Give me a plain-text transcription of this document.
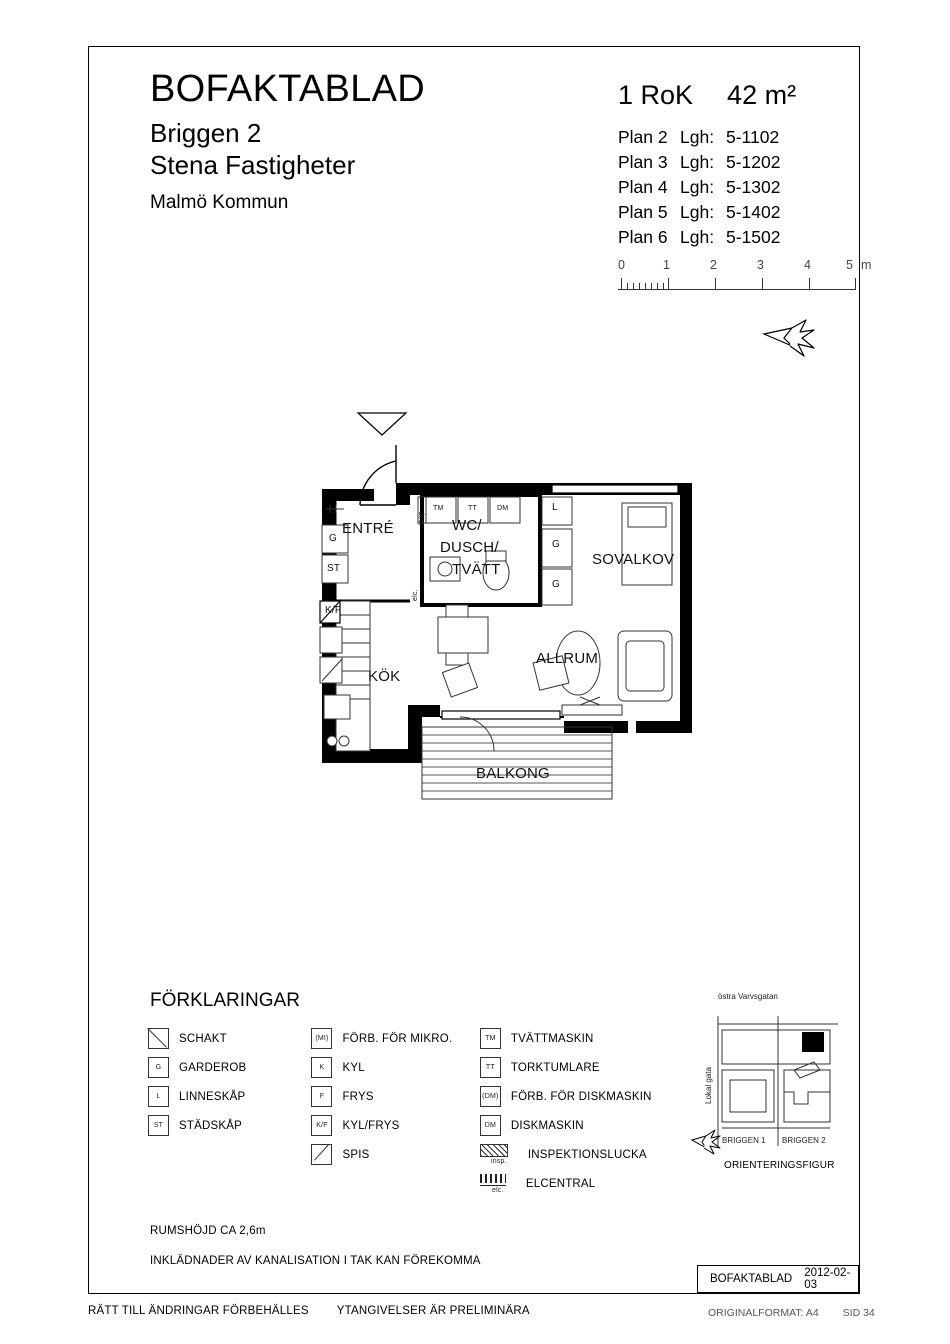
BOFAKTABLAD
Briggen 2
Stena Fastigheter
Malmö Kommun
1 RoK 42 m²
Plan 2 Lgh: 5-1102
Plan 3 Lgh: 5-1202
Plan 4 Lgh: 5-1302
Plan 5 Lgh: 5-1402
Plan 6 Lgh: 5-1502
0	1	2	3	4	5 m
ENTRÉ	WC/
DUSCH/
TVÄTT
SOVALKOV
ALLRUM
KÖK
BALKONG
G
ST
L
G
G
K/F
TM	TT	DM
insp.
elc.
FÖRKLARINGAR
SCHAKT
G	GARDEROB
L	LINNESKÅP
ST	STÄDSKÅP
(MI)	FÖRB. FÖR MIKRO.
K	KYL
F	FRYS
K/F	KYL/FRYS
SPIS
TM	TVÄTTMASKIN
TT	TORKTUMLARE
(DM) FÖRB. FÖR DISKMASKIN
DM	DISKMASKIN
insp.
INSPEKTIONSLUCKA
elc.
ELCENTRAL
östra Varvsgatan
Lokal gata
BRIGGEN 1 BRIGGEN 2
ORIENTERINGSFIGUR
RUMSHÖJD CA 2,6m
INKLÄDNADER AV KANALISATION I TAK KAN FÖREKOMMA
BOFAKTABLAD 2012-02-03
RÄTT TILL ÄNDRINGAR FÖRBEHÄLLES YTANGIVELSER ÄR PRELIMINÄRA	ORIGINALFORMAT: A4 SID 34
